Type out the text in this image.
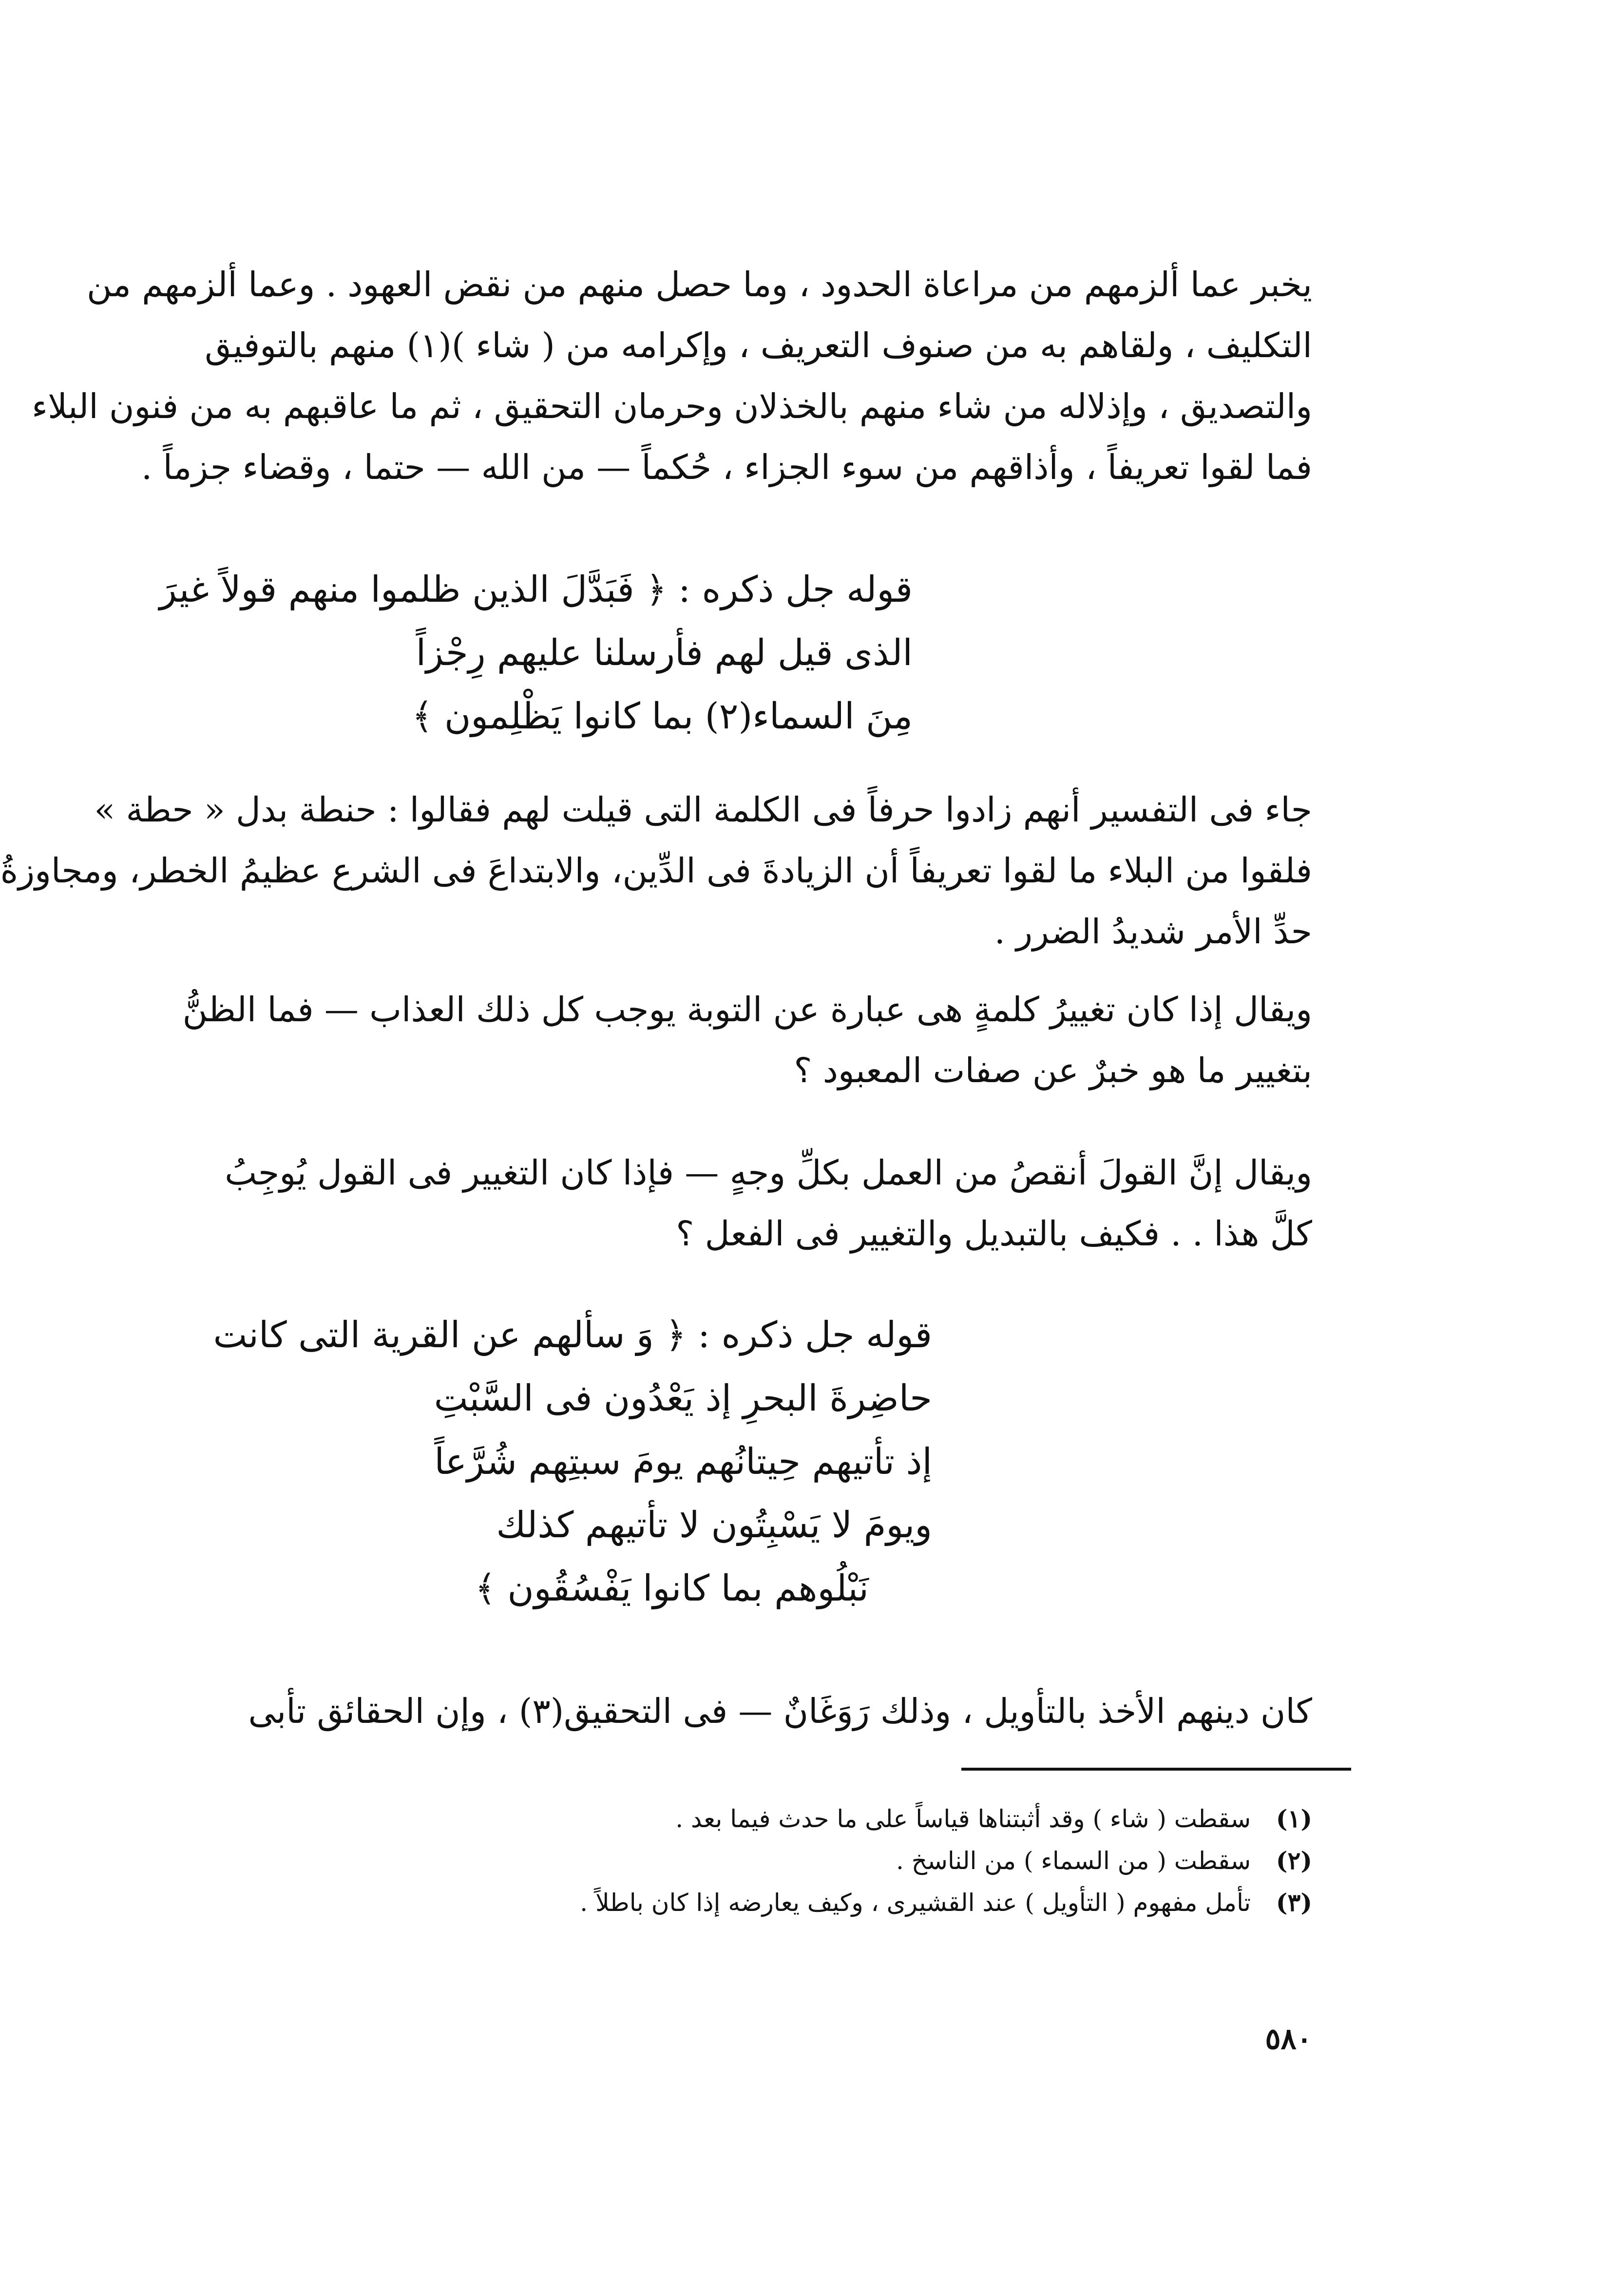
يخبر عما ألزمهم من مراعاة الحدود ، وما حصل منهم من نقض العهود . وعما ألزمهم من
التكليف ، ولقاهم به من صنوف التعريف ، وإكرامه من ( شاء )(١) منهم بالتوفيق
والتصديق ، وإذلاله من شاء منهم بالخذلان وحرمان التحقيق ، ثم ما عاقبهم به من فنون البلاء
فما لقوا تعريفاً ، وأذاقهم من سوء الجزاء ، حُكماً — من الله — حتما ، وقضاء جزماً .
قوله جل ذكره : ﴿ فَبَدَّلَ الذين ظلموا منهم قولاً غيرَ
الذى قيل لهم فأرسلنا عليهم رِجْزاً
مِنَ السماء(٢) بما كانوا يَظْلِمون ﴾
جاء فى التفسير أنهم زادوا حرفاً فى الكلمة التى قيلت لهم فقالوا : حنطة بدل « حطة »
فلقوا من البلاء ما لقوا تعريفاً أن الزيادةَ فى الدِّين، والابتداعَ فى الشرع عظيمُ الخطر، ومجاوزةُ
حدِّ الأمر شديدُ الضرر .
ويقال إذا كان تغييرُ كلمةٍ هى عبارة عن التوبة يوجب كل ذلك العذاب — فما الظنُّ
بتغيير ما هو خبرٌ عن صفات المعبود ؟
ويقال إنَّ القولَ أنقصُ من العمل بكلِّ وجهٍ — فإذا كان التغيير فى القول يُوجِبُ
كلَّ هذا . . فكيف بالتبديل والتغيير فى الفعل ؟
قوله جل ذكره : ﴿ وَ سألهم عن القرية التى كانت
حاضِرةَ البحرِ إذ يَعْدُون فى السَّبْتِ
إذ تأتيهم حِيتانُهم يومَ سبتِهم شُرَّعاً
ويومَ لا يَسْبِتُون لا تأتيهم كذلك
نَبْلُوهم بما كانوا يَفْسُقُون ﴾
كان دينهم الأخذ بالتأويل ، وذلك رَوَغَانٌ — فى التحقيق(٣) ، وإن الحقائق تأبى
(١) سقطت ( شاء ) وقد أثبتناها قياساً على ما حدث فيما بعد .
(٢) سقطت ( من السماء ) من الناسخ .
(٣) تأمل مفهوم ( التأويل ) عند القشيرى ، وكيف يعارضه إذا كان باطلاً .
٥٨٠
